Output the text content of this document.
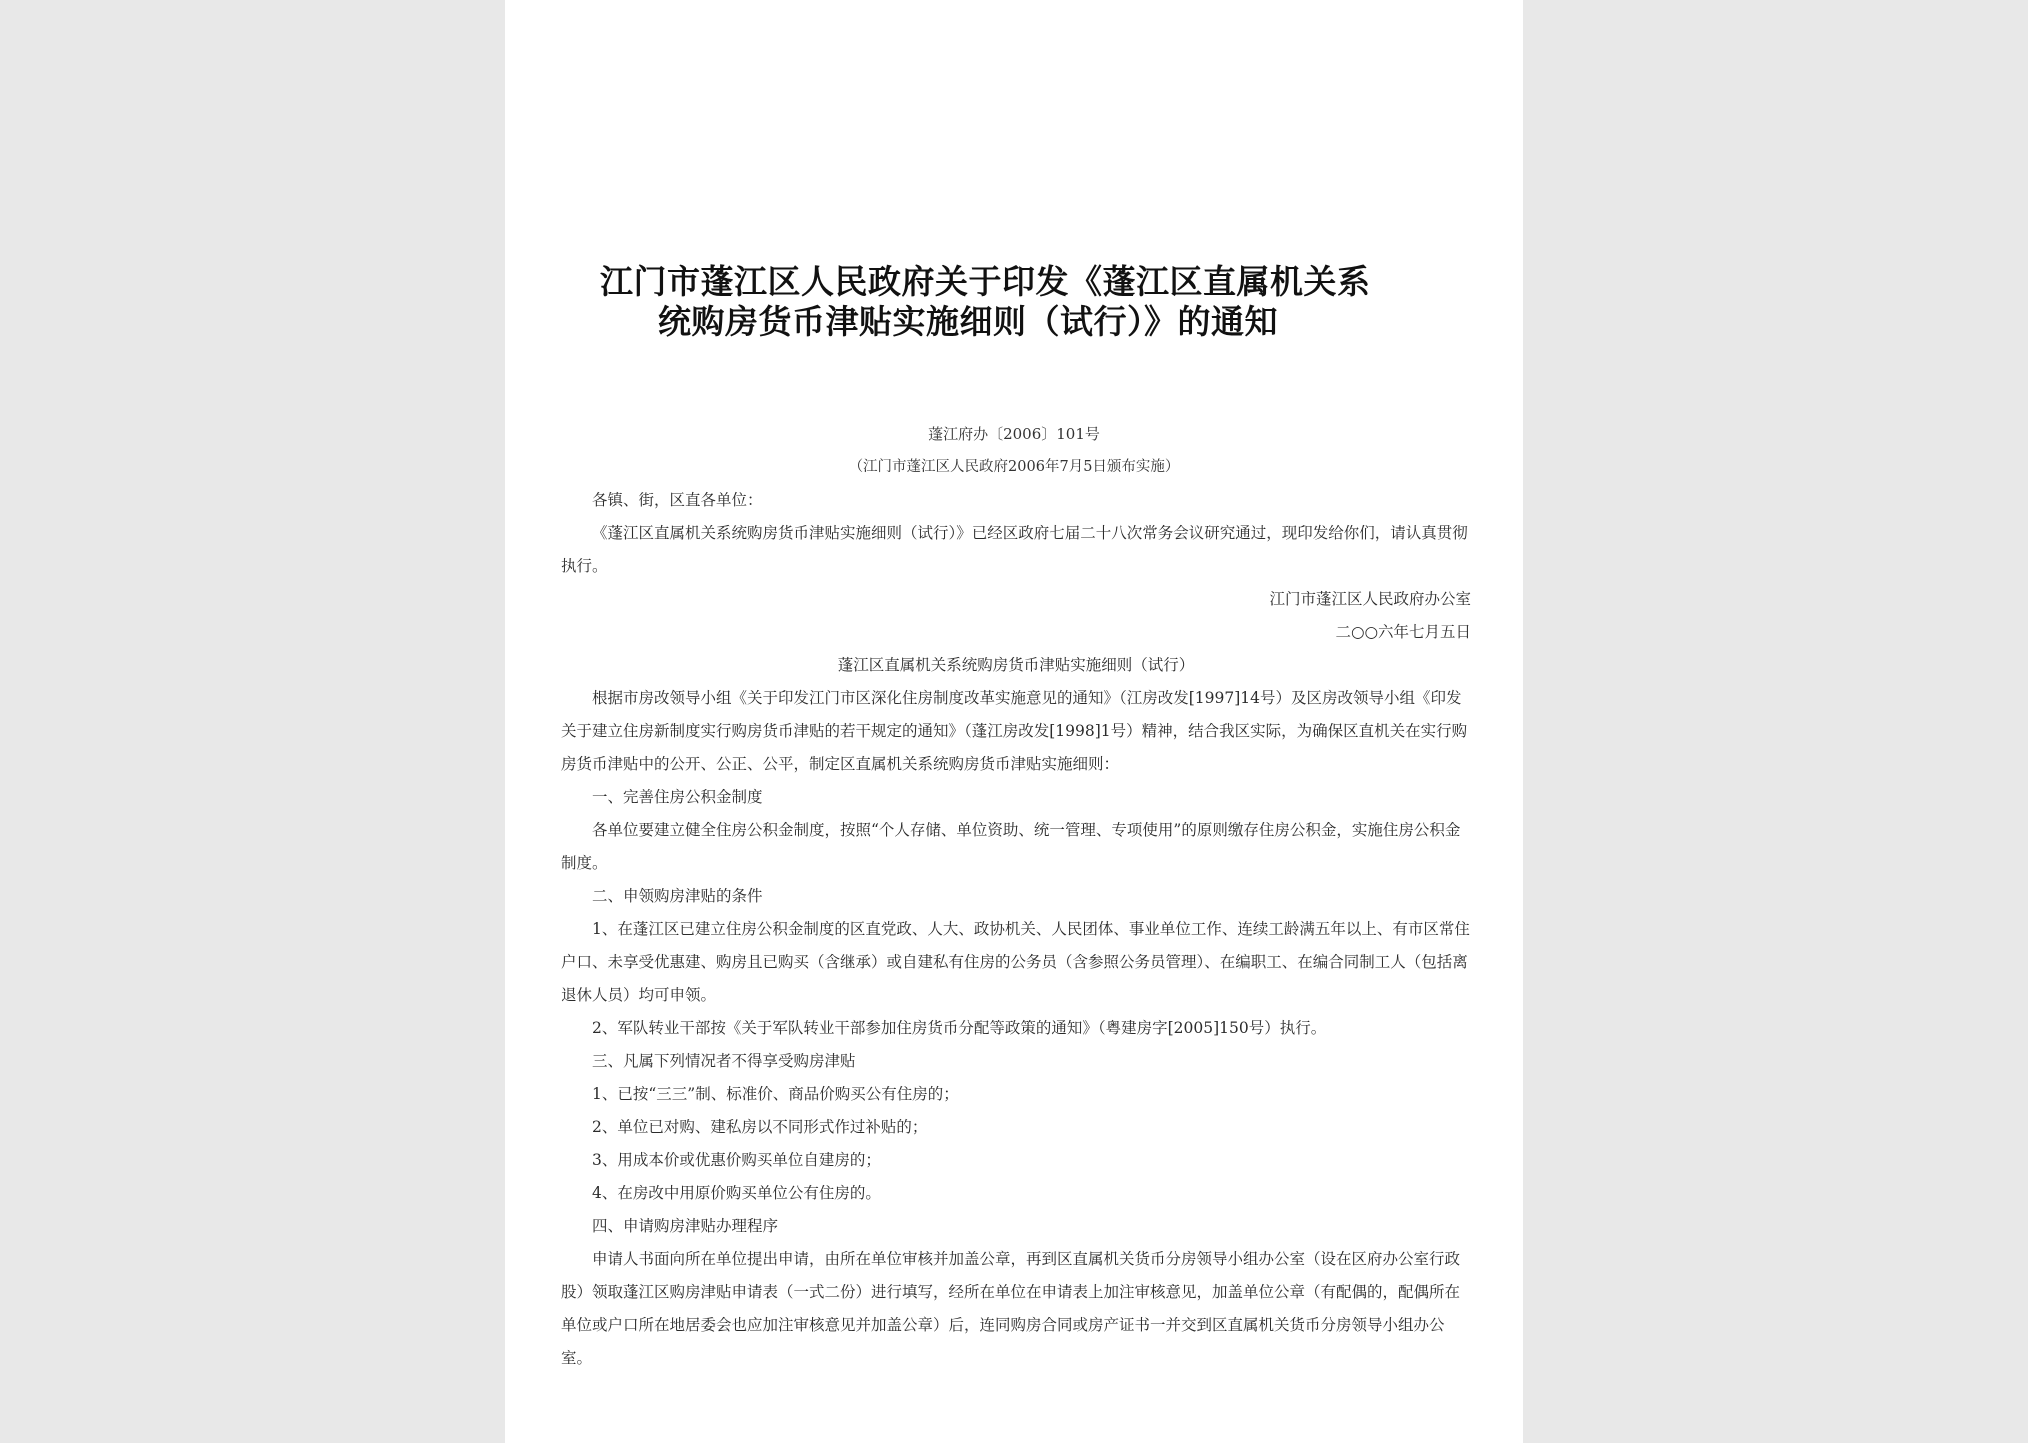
江门市蓬江区人民政府关于印发《蓬江区直属机关系
统购房货币津贴实施细则（试行）》的通知
蓬江府办〔2006〕101号
（江门市蓬江区人民政府2006年7月5日颁布实施）

各镇、街，区直各单位：

《蓬江区直属机关系统购房货币津贴实施细则（试行）》已经区政府七届二十八次常务会议研究通过，现印发给你们，请认真贯彻执行。

江门市蓬江区人民政府办公室

二○○六年七月五日

蓬江区直属机关系统购房货币津贴实施细则（试行）

根据市房改领导小组《关于印发江门市区深化住房制度改革实施意见的通知》（江房改发[1997]14号）及区房改领导小组《印发关于建立住房新制度实行购房货币津贴的若干规定的通知》（蓬江房改发[1998]1号）精神，结合我区实际，为确保区直机关在实行购房货币津贴中的公开、公正、公平，制定区直属机关系统购房货币津贴实施细则：

一、完善住房公积金制度

各单位要建立健全住房公积金制度，按照“个人存储、单位资助、统一管理、专项使用”的原则缴存住房公积金，实施住房公积金制度。

二、申领购房津贴的条件

1、在蓬江区已建立住房公积金制度的区直党政、人大、政协机关、人民团体、事业单位工作、连续工龄满五年以上、有市区常住户口、未享受优惠建、购房且已购买（含继承）或自建私有住房的公务员（含参照公务员管理）、在编职工、在编合同制工人（包括离退休人员）均可申领。

2、军队转业干部按《关于军队转业干部参加住房货币分配等政策的通知》（粤建房字[2005]150号）执行。

三、凡属下列情况者不得享受购房津贴

1、已按“三三”制、标准价、商品价购买公有住房的；

2、单位已对购、建私房以不同形式作过补贴的；

3、用成本价或优惠价购买单位自建房的；

4、在房改中用原价购买单位公有住房的。

四、申请购房津贴办理程序

申请人书面向所在单位提出申请，由所在单位审核并加盖公章，再到区直属机关货币分房领导小组办公室（设在区府办公室行政股）领取蓬江区购房津贴申请表（一式二份）进行填写，经所在单位在申请表上加注审核意见，加盖单位公章（有配偶的，配偶所在单位或户口所在地居委会也应加注审核意见并加盖公章）后，连同购房合同或房产证书一并交到区直属机关货币分房领导小组办公室。
